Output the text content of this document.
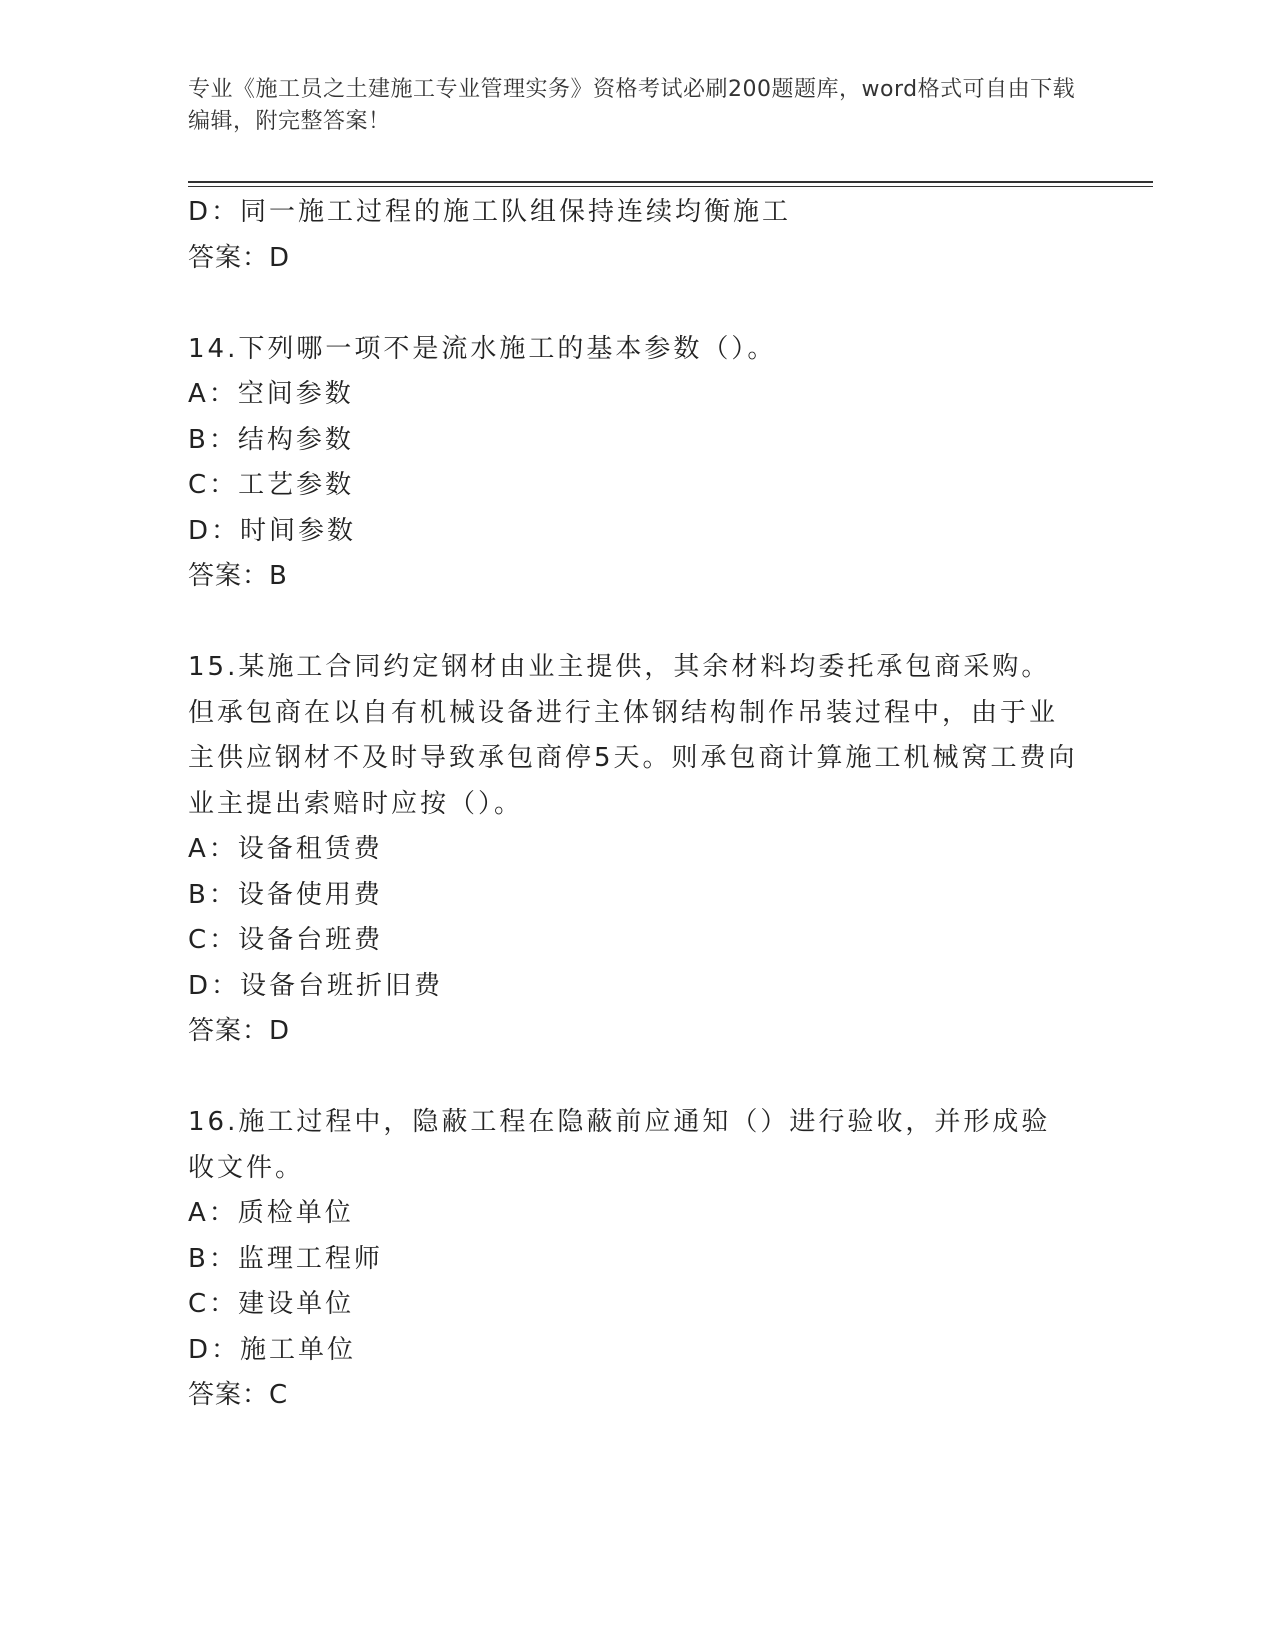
专业《施工员之土建施工专业管理实务》资格考试必刷200题题库，word格式可自由下载编辑，附完整答案！
D：同一施工过程的施工队组保持连续均衡施工
答案：D
14.下列哪一项不是流水施工的基本参数（）。
A：空间参数
B：结构参数
C：工艺参数
D：时间参数
答案：B
15.某施工合同约定钢材由业主提供，其余材料均委托承包商采购。但承包商在以自有机械设备进行主体钢结构制作吊装过程中，由于业主供应钢材不及时导致承包商停5天。则承包商计算施工机械窝工费向业主提出索赔时应按（）。
A：设备租赁费
B：设备使用费
C：设备台班费
D：设备台班折旧费
答案：D
16.施工过程中，隐蔽工程在隐蔽前应通知（）进行验收，并形成验收文件。
A：质检单位
B：监理工程师
C：建设单位
D：施工单位
答案：C
